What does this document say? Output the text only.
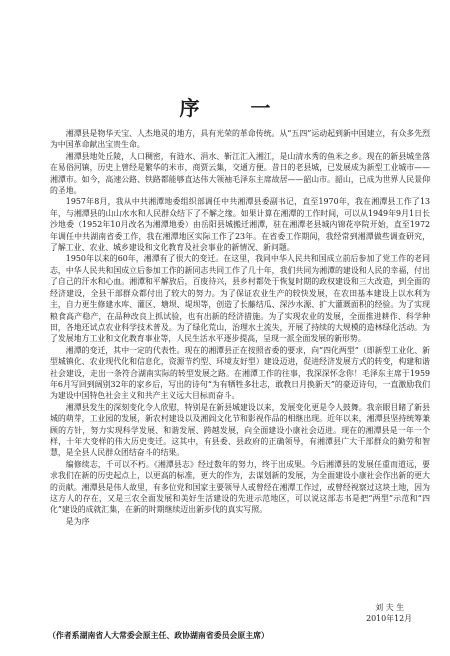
序 一

湘潭县是物华天宝、人杰地灵的地方，具有光荣的革命传统。从“五四”运动起到新中国建立，有众多先烈为中国革命献出宝贵生命。

湘潭县地处丘陵，人口稠密，有涟水、涓水、靳江汇入湘江，是山清水秀的鱼米之乡。现在的新县城坐落在易俗河镇，历史上曾经是繁华的米市，商贾云集，交通方便。昔日的老县城，已发展成为新型工业城市——湘潭市。如今，高速公路、铁路都能够直达伟大领袖毛泽东主席故居——韶山市。韶山，已成为世界人民景仰的圣地。

1957年8月，我从中共湘潭地委组织部调任中共湘潭县委副书记，直至1970年，我在湘潭县工作了13年，与湘潭县的山山水水和人民群众结下了不解之缘。如果计算在湘潭的工作时间，可以从1949年9月1日长沙地委（1952年10月改名为湘潭地委）由岳阳县城搬迁湘潭，驻在湘潭老县城内锦花亭院开始，直至1972年调任中共湖南省委工作，我在湘潭地区实际工作了23年。在省委工作期间，我经常到湘潭做些调查研究，了解工业、农业、城乡建设和文化教育及社会事业的新情况、新问题。

1950年以来的60年，湘潭有了很大的变迁。在这里，我同中华人民共和国成立前后参加了党工作的老同志，中华人民共和国成立后参加工作的新同志共同工作了几十年，我们共同为湘潭的建设和人民的幸福，付出了自己的汗水和心血。湘潭和平解放后，百废待兴，县乡村都处于恢复时期的政权建设和三大改造，到全面的经济建设，全县干部群众都付出了较大的努力。为了保证农业生产的较快发展，在农田基本建设上以水利为主，自力更生修建水库、灌区、塘坝、堤坝等，创造了长藤结瓜、深沙水源、扩大灌溉面积的经验。为了实现粮食高产稳产，在品种改良上抓试验，也有出新的经济措施。为了实现农业的发展，全面推进耕作、科学种田，各地还试点农业科学技术普及。为了绿化荒山，治理水土流失，开展了持续的大规模的造林绿化活动。为了发展地方工业和文化教育事业等，人民生活水平逐步提高，呈现一派全面发展的新形势。

湘潭的变迁，其中一定的代表性。现在的湘潭县正在按照省委的要求，向“四化两型”（即新型工业化、新型城镇化、农业现代化和信息化，资源节约型、环境友好型）建设迈进，促进经济发展方式的转变，构建和谐社会建设，走出一条符合湖南实际的转型发展之路。在湘潭工作的往事，我深深怀念你！毛泽东主席于1959年6月写回到阔别32年的家乡后，写出的诗句“为有牺牲多壮志，敢教日月换新天”的豪迈诗句，一直激励我们为建设中国特色社会主义和共产主义远大目标而奋斗。

湘潭县发生的深刻变化令人欣慰，特别是在新县城建设以来，发展变化更是令人鼓舞。我亲眼目睹了新县城的萌芽，工业园的发展，新农村建设以及湘阎文化节和影视作品的相继出现。近年以来，湘潭县坚持统筹兼顾的方针，努力实现科学发展、和谐发展、跨越发展，向全面建设小康社会迈进。现在的湘潭县是一年一个样，十年大变样的伟大历史变迁。这其中，有县委、县政府的正确领导，有湘潭县广大干部群众的勤劳和智慧，是全县人民群众团结奋斗的结果。

编修续志，千可以不朽。《湘潭县志》经过数年的努力，终于出成果。今后湘潭县的发展任重而道远，要求我们在新的历史起点上，以更高的标准，更大的作为，去谋划新的发展，为全面建设小康社会作出新的更大的贡献。湘潭县是伟人故里，有多位党和国家主要领导人或曾经在湘潭工作过，或曾经视察过这块土地，因为这方人的存在，又是三农全面发展和美好生活建设的先进示范地区，可以说这部志书是把“两型”示范和“四化”建设的成就汇集，在新的时期继续迈出新步伐的真实写照。

是为序

刘 夫 生
2010年12月
（作者系湖南省人大常委会原主任、政协湖南省委员会原主席）
